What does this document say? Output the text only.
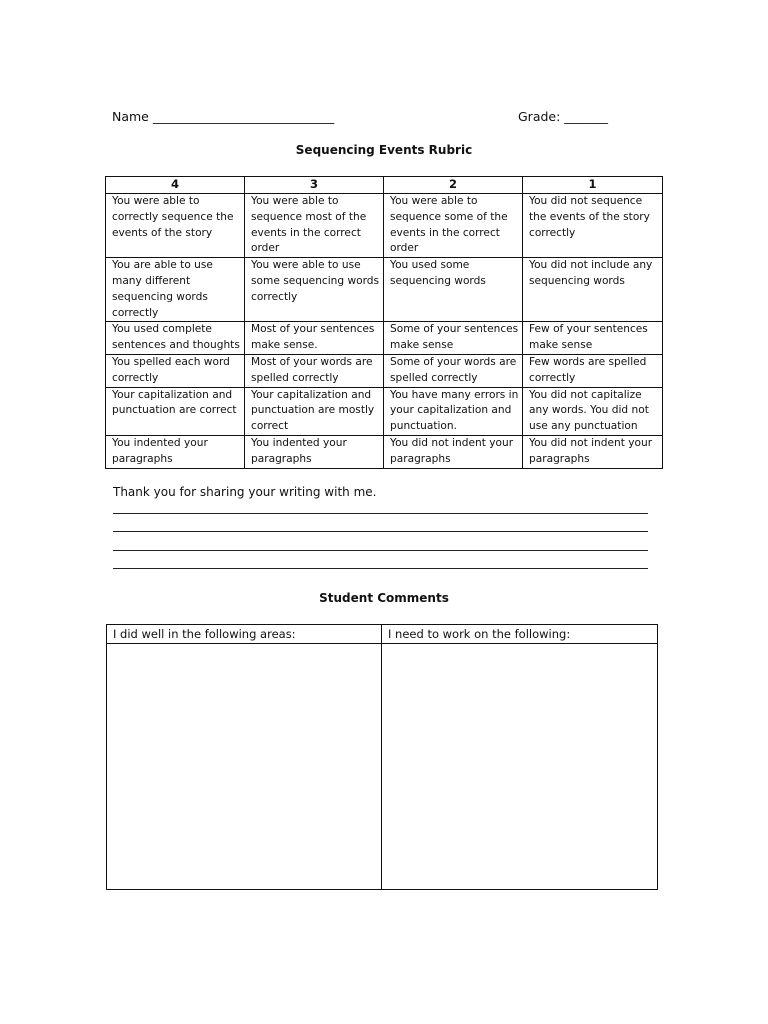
Name _____________________________	Grade: _______
Sequencing Events Rubric
4	3	2	1
You were able to correctly sequence the events of the story	You were able to sequence most of the events in the correct order	You were able to sequence some of the events in the correct order	You did not sequence the events of the story correctly
You are able to use many different sequencing words correctly	You were able to use some sequencing words correctly	You used some sequencing words	You did not include any sequencing words
You used complete sentences and thoughts	Most of your sentences make sense.	Some of your sentences make sense	Few of your sentences make sense
You spelled each word correctly	Most of your words are spelled correctly	Some of your words are spelled correctly	Few words are spelled correctly
Your capitalization and punctuation are correct	Your capitalization and punctuation are mostly correct	You have many errors in your capitalization and punctuation.	You did not capitalize any words. You did not use any punctuation
You indented your paragraphs	You indented your paragraphs	You did not indent your paragraphs	You did not indent your paragraphs
Thank you for sharing your writing with me.
Student Comments
I did well in the following areas:	I need to work on the following:
